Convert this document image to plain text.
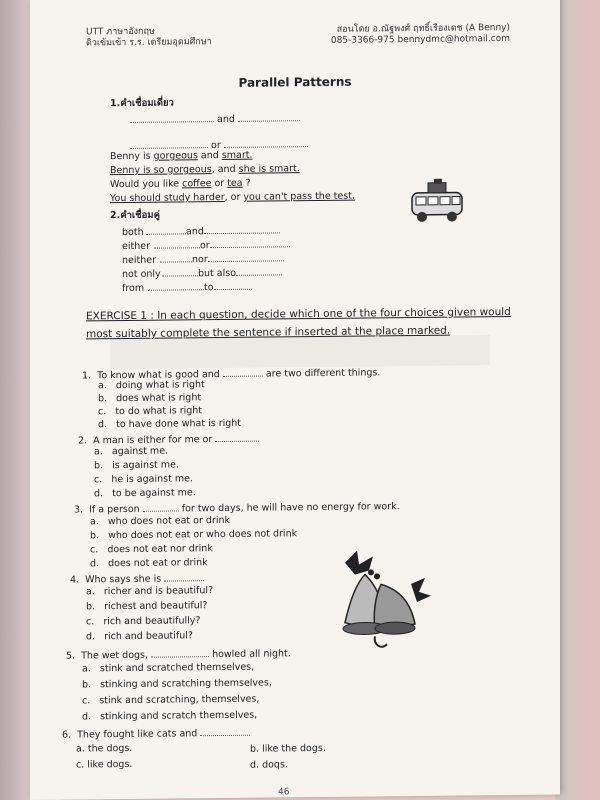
UTT ภาษาอังกฤษ
ติวเข้มเข้า ร.ร. เตรียมอุดมศึกษา
สอนโดย อ.ณัฐพงศ์ ฤทธิ์เรืองเดช (A Benny)
085-3366-975 bennydmc@hotmail.com
Parallel Patterns
1.คำเชื่อมเดี่ยว
and
or
Benny is gorgeous and smart.
Benny is so gorgeous, and she is smart.
Would you like coffee or tea ?
You should study harder, or you can't pass the test.
2.คำเชื่อมคู่
both	and
either	or
neither	nor
not only	but also
from	to
EXERCISE 1 : In each question, decide which one of the four choices given would most suitably complete the sentence if inserted at the place marked.
1. To know what is good and	are two different things.
a. doing what is right
b. does what is right
c. to do what is right
d. to have done what is right
2. A man is either for me or
a. against me.
b. is against me.
c. he is against me.
d. to be against me.
3. If a person	for two days, he will have no energy for work.
a. who does not eat or drink
b. who does not eat or who does not drink
c. does not eat nor drink
d. does not eat or drink
4. Who says she is
a. richer and is beautiful?
b. richest and beautiful?
c. rich and beautifully?
d. rich and beautiful?
5. The wet dogs,	howled all night.
a. stink and scratched themselves,
b. stinking and scratching themselves,
c. stink and scratching, themselves,
d. stinking and scratch themselves,
6. They fought like cats and
a. the dogs.	b. like the dogs.
c. like dogs.	d. doqs.
46
